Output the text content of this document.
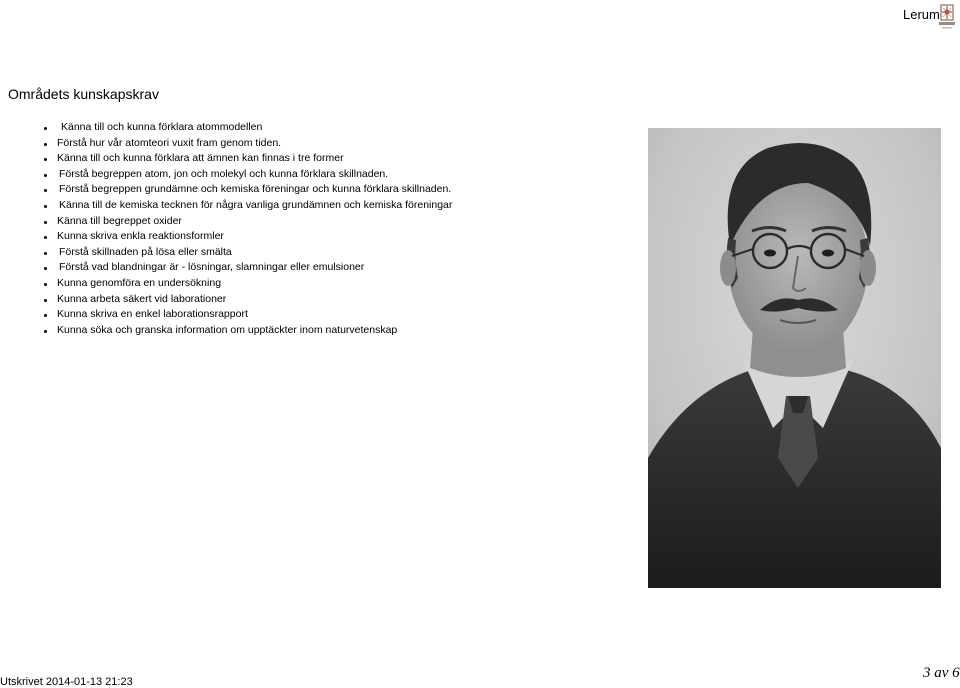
Lerum
Områdets kunskapskrav
Känna till och kunna förklara atommodellen
Förstå hur vår atomteori vuxit fram genom tiden.
Känna till och kunna förklara att ämnen kan finnas i tre former
Förstå begreppen atom, jon och molekyl och kunna förklara skillnaden.
Förstå begreppen grundämne och kemiska föreningar och kunna förklara skillnaden.
Känna till de kemiska tecknen för några vanliga grundämnen och kemiska föreningar
Känna till begreppet oxider
Kunna skriva enkla reaktionsformler
Förstå skillnaden på lösa eller smälta
Förstå vad blandningar är - lösningar, slamningar eller emulsioner
Kunna genomföra en undersökning
Kunna arbeta säkert vid laborationer
Kunna skriva en enkel laborationsrapport
Kunna söka och granska information om upptäckter inom naturvetenskap
Utskrivet 2014-01-13 21:23
3 av 6
